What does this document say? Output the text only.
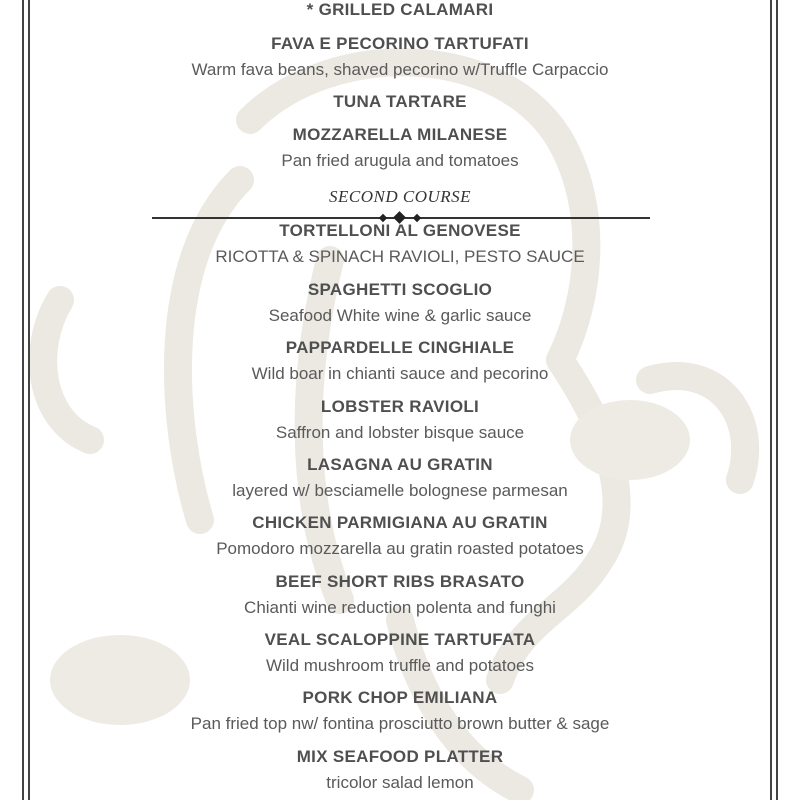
* GRILLED CALAMARI
FAVA E PECORINO TARTUFATI
Warm fava beans, shaved pecorino w/Truffle Carpaccio
TUNA TARTARE
MOZZARELLA MILANESE
Pan fried arugula and tomatoes
SECOND COURSE
TORTELLONI AL GENOVESE
RICOTTA & SPINACH RAVIOLI, PESTO SAUCE
SPAGHETTI SCOGLIO
Seafood White wine & garlic sauce
PAPPARDELLE CINGHIALE
Wild boar in chianti sauce and pecorino
LOBSTER RAVIOLI
Saffron and lobster bisque sauce
LASAGNA AU GRATIN
layered w/ besciamelle bolognese parmesan
CHICKEN PARMIGIANA AU GRATIN
Pomodoro mozzarella au gratin roasted potatoes
BEEF SHORT RIBS BRASATO
Chianti wine reduction polenta and funghi
VEAL SCALOPPINE TARTUFATA
Wild mushroom truffle and potatoes
PORK CHOP EMILIANA
Pan fried top nw/ fontina prosciutto brown butter & sage
MIX SEAFOOD PLATTER
tricolor salad lemon
